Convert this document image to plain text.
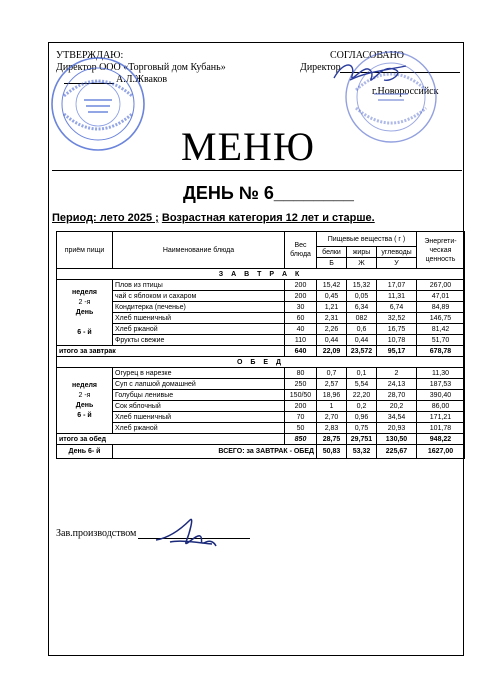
УТВЕРЖДАЮ:	СОГЛАСОВАНО
Директор ООО «Торговый дом Кубань»
А.Л.Жваков
Директор
г.Новороссийск
МЕНЮ
ДЕНЬ № 6________
Период: лето 2025 ; Возрастная категория 12 лет и старше.
приём пищи	Наименование блюда	Вес блюда	Пищевые вещества ( г )			Энергети-ческая ценность
			белки	жиры	углеводы	
			Б	Ж	У	
З А В Т Р А К						

неделя
2 -я
День

6 - й	Плов из птицы	200	15,42	15,32	17,07	267,00
	чай с яблоком и сахаром	200	0,45	0,05	11,31	47,01
	Кондитерка (печенье)	30	1,21	6,34	6,74	84,89
	Хлеб пшеничный	60	2,31	082	32,52	146,75
	Хлеб ржаной	40	2,26	0,6	16,75	81,42
	Фрукты свежие	110	0,44	0,44	10,78	51,70
итого за завтрак		640	22,09	23,572	95,17	678,78
О Б Е Д						

неделя
2 -я
День
6 - й	Огурец в нарезке	80	0,7	0,1	2	11,30
	Суп с лапшой домашней	250	2,57	5,54	24,13	187,53
	Голубцы ленивые	150/50	18,96	22,20	28,70	390,40
	Сок яблочный	200	1	0,2	20,2	86,00
	Хлеб пшеничный	70	2,70	0,96	34,54	171,21
	Хлеб ржаной	50	2,83	0,75	20,93	101,78
итого за обед		850	28,75	29,751	130,50	948,22
День 6- й	ВСЕГО: за ЗАВТРАК - ОБЕД		50,83	53,32	225,67	1627,00
Зав.производством
